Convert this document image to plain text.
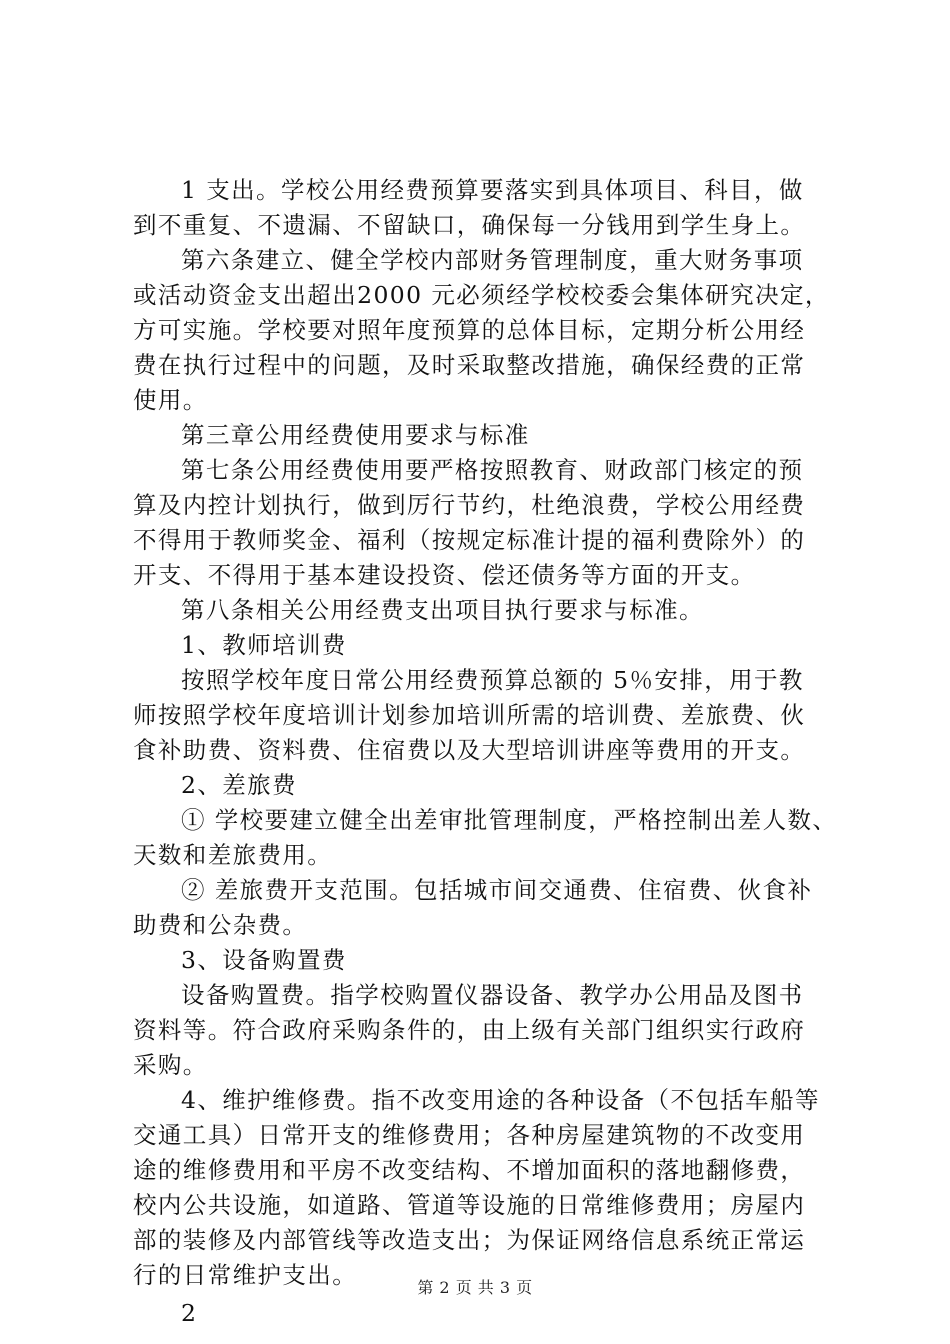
1 支出。学校公用经费预算要落实到具体项目、科目，做
到不重复、不遗漏、不留缺口，确保每一分钱用到学生身上。
第六条建立、健全学校内部财务管理制度，重大财务事项
或活动资金支出超出2000 元必须经学校校委会集体研究决定，
方可实施。学校要对照年度预算的总体目标，定期分析公用经
费在执行过程中的问题，及时采取整改措施，确保经费的正常
使用。
第三章公用经费使用要求与标准
第七条公用经费使用要严格按照教育、财政部门核定的预
算及内控计划执行，做到厉行节约，杜绝浪费，学校公用经费
不得用于教师奖金、福利（按规定标准计提的福利费除外）的
开支、不得用于基本建设投资、偿还债务等方面的开支。
第八条相关公用经费支出项目执行要求与标准。
1、教师培训费
按照学校年度日常公用经费预算总额的 5％安排，用于教
师按照学校年度培训计划参加培训所需的培训费、差旅费、伙
食补助费、资料费、住宿费以及大型培训讲座等费用的开支。
2、差旅费
① 学校要建立健全出差审批管理制度，严格控制出差人数、
天数和差旅费用。
② 差旅费开支范围。包括城市间交通费、住宿费、伙食补
助费和公杂费。
3、设备购置费
设备购置费。指学校购置仪器设备、教学办公用品及图书
资料等。符合政府采购条件的，由上级有关部门组织实行政府
采购。
4、维护维修费。指不改变用途的各种设备（不包括车船等
交通工具）日常开支的维修费用；各种房屋建筑物的不改变用
途的维修费用和平房不改变结构、不增加面积的落地翻修费，
校内公共设施，如道路、管道等设施的日常维修费用；房屋内
部的装修及内部管线等改造支出；为保证网络信息系统正常运
行的日常维护支出。
2
第 2 页 共 3 页
